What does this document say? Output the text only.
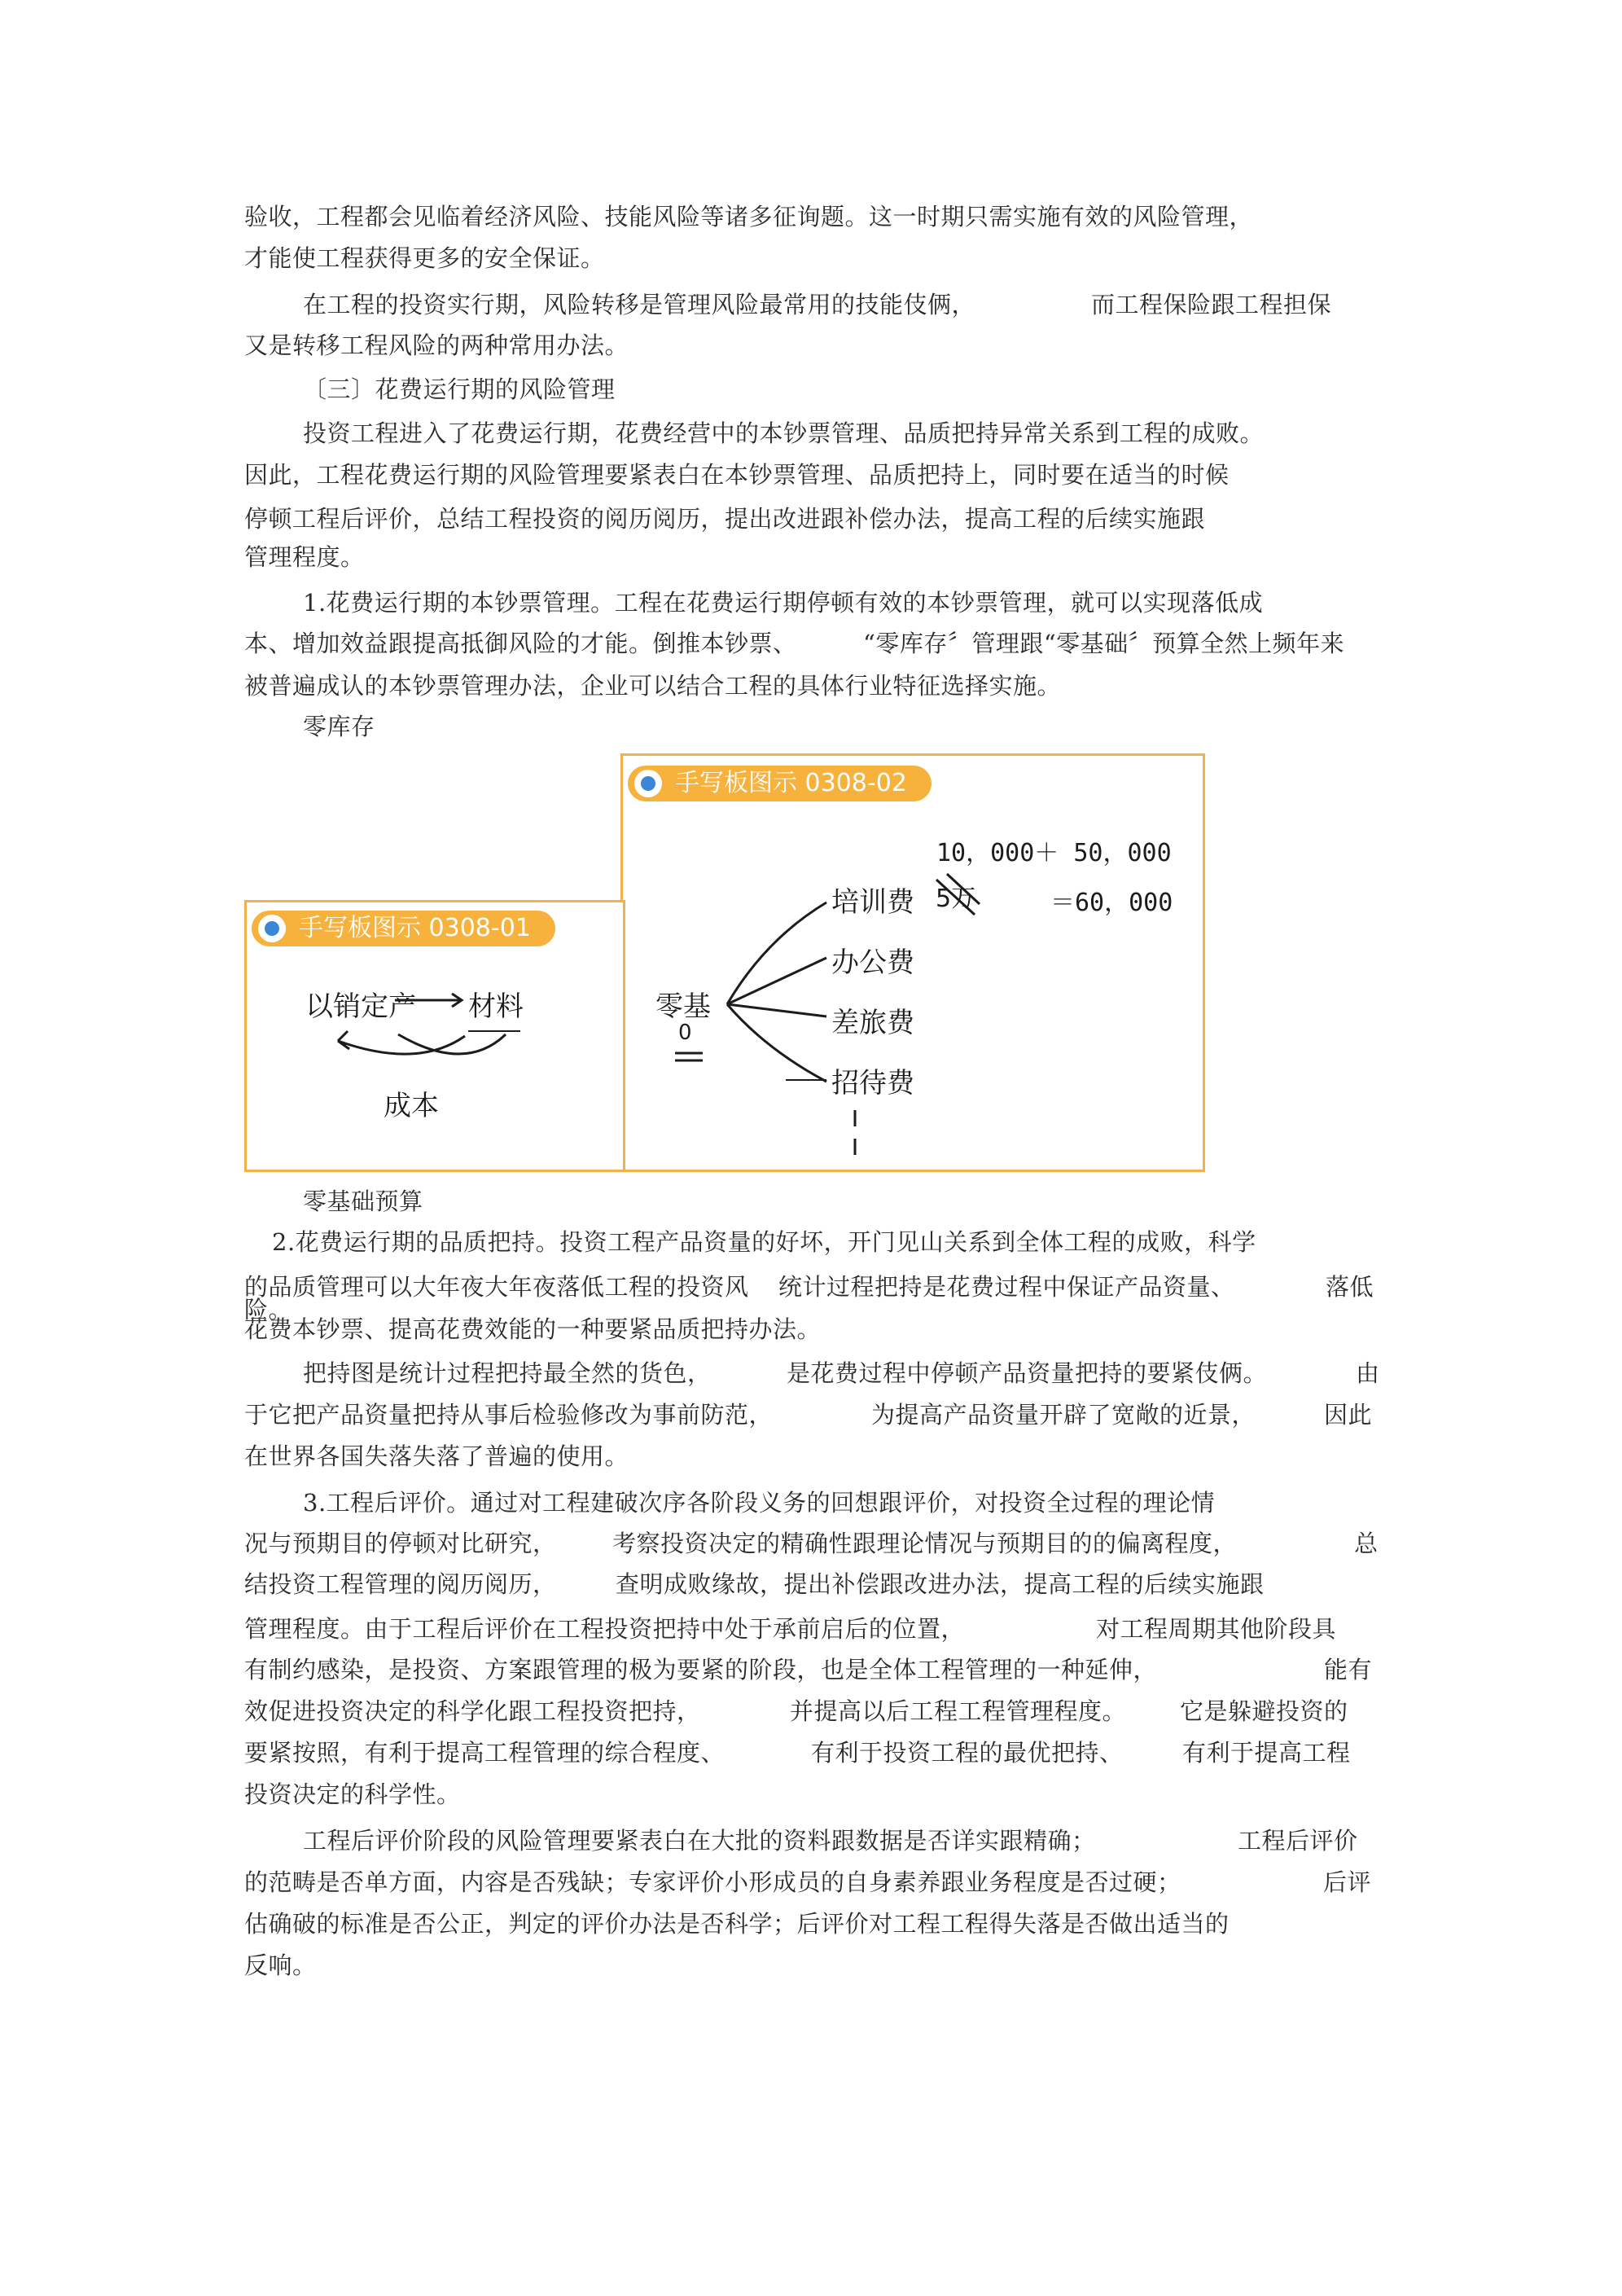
验收，工程都会见临着经济风险、技能风险等诸多征询题。这一时期只需实施有效的风险管理，
才能使工程获得更多的安全保证。
在工程的投资实行期，风险转移是管理风险最常用的技能伎俩，	而工程保险跟工程担保
又是转移工程风险的两种常用办法。
〔三〕花费运行期的风险管理
投资工程进入了花费运行期，花费经营中的本钞票管理、品质把持异常关系到工程的成败。
因此，工程花费运行期的风险管理要紧表白在本钞票管理、品质把持上，同时要在适当的时候
停顿工程后评价，总结工程投资的阅历阅历，提出改进跟补偿办法，提高工程的后续实施跟
管理程度。
1.花费运行期的本钞票管理。工程在花费运行期停顿有效的本钞票管理，就可以实现落低成
本、增加效益跟提高抵御风险的才能。倒推本钞票、	“零库存〞管理跟“零基础〞预算全然上频年来
被普遍成认的本钞票管理办法，企业可以结合工程的具体行业特征选择实施。
零库存
手写板图示 0308-02
零基
0
培训费
办公费
差旅费
招待费
5万
10，000＋ 50，000
＝60，000
手写板图示 0308-01
以销定产 材料
成本
零基础预算
2.花费运行期的品质把持。投资工程产品资量的好坏，开门见山关系到全体工程的成败，科学
的品质管理可以大年夜大年夜落低工程的投资风 统计过程把持是花费过程中保证产品资量、	落低
险。
花费本钞票、提高花费效能的一种要紧品质把持办法。
把持图是统计过程把持最全然的货色，	是花费过程中停顿产品资量把持的要紧伎俩。	由
于它把产品资量把持从事后检验修改为事前防范，	为提高产品资量开辟了宽敞的近景，	因此
在世界各国失落失落了普遍的使用。
3.工程后评价。通过对工程建破次序各阶段义务的回想跟评价，对投资全过程的理论情
况与预期目的停顿对比研究， 考察投资决定的精确性跟理论情况与预期目的的偏离程度，	总
结投资工程管理的阅历阅历， 查明成败缘故，提出补偿跟改进办法，提高工程的后续实施跟
管理程度。由于工程后评价在工程投资把持中处于承前启后的位置，	对工程周期其他阶段具
有制约感染，是投资、方案跟管理的极为要紧的阶段，也是全体工程管理的一种延伸，	能有
效促进投资决定的科学化跟工程投资把持，	并提高以后工程工程管理程度。 它是躲避投资的
要紧按照，有利于提高工程管理的综合程度、	有利于投资工程的最优把持、 有利于提高工程
投资决定的科学性。
工程后评价阶段的风险管理要紧表白在大批的资料跟数据是否详实跟精确；	工程后评价
的范畴是否单方面，内容是否残缺；专家评价小形成员的自身素养跟业务程度是否过硬；	后评
估确破的标准是否公正，判定的评价办法是否科学；后评价对工程工程得失落是否做出适当的
反响。
